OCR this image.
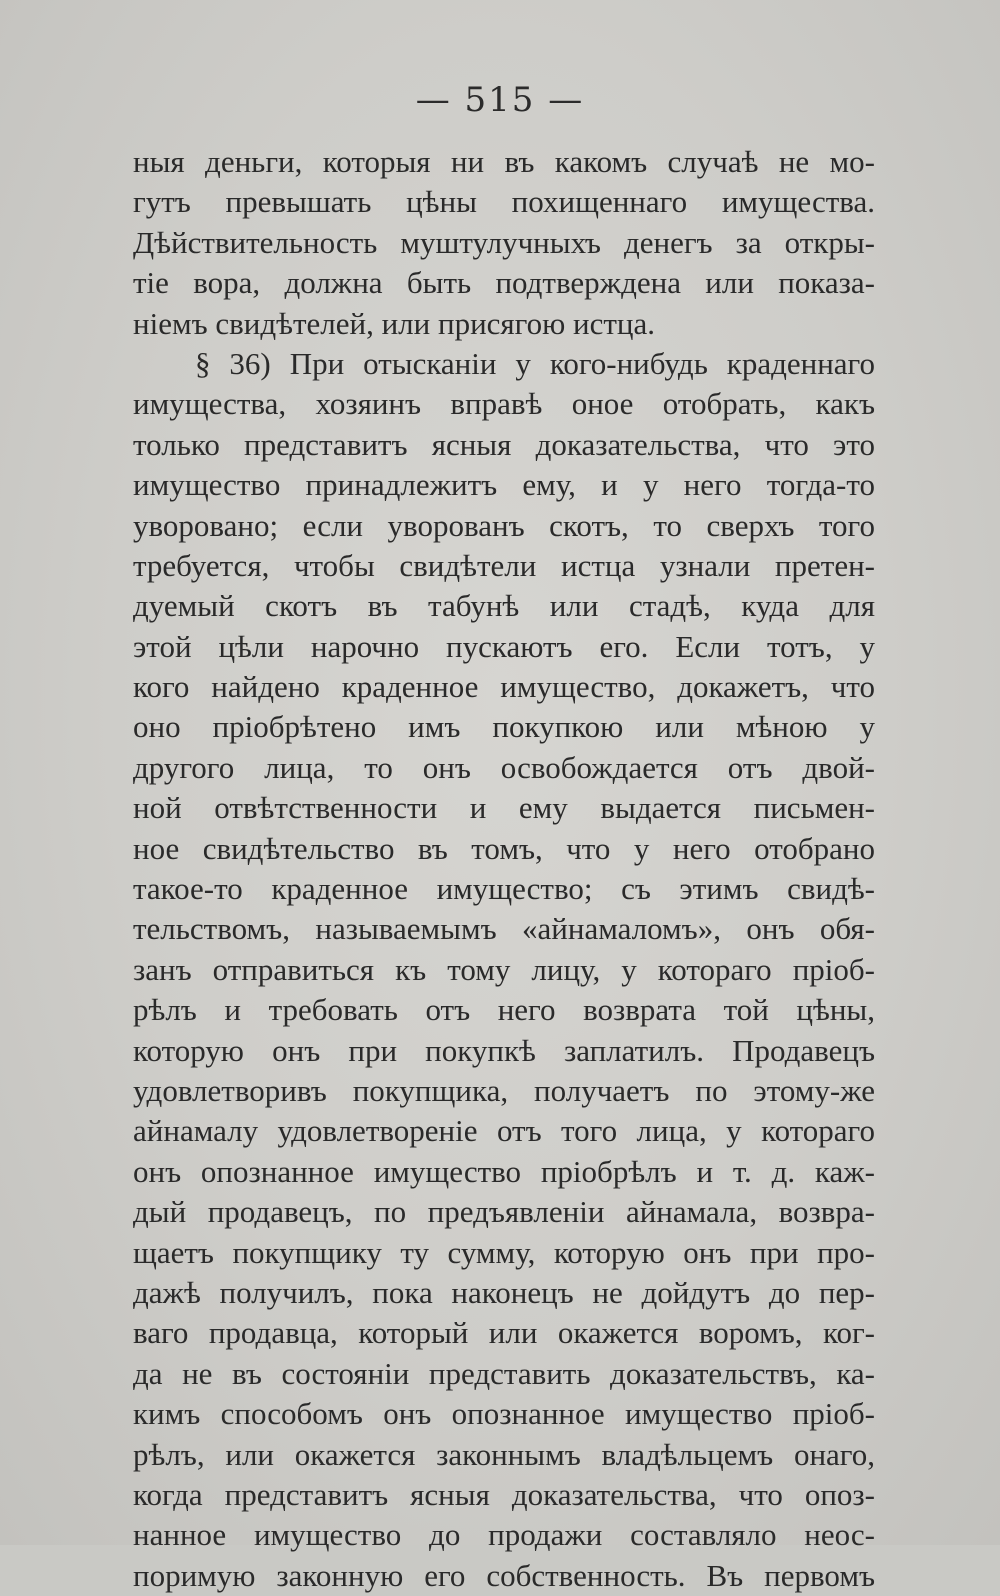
— 515 —
ныя деньги, которыя ни въ какомъ случаѣ не мо-
гутъ превышать цѣны похищеннаго имущества.
Дѣйствительность муштулучныхъ денегъ за откры-
тіе вора, должна быть подтверждена или показа-
ніемъ свидѣтелей, или присягою истца.
§ 36) При отысканіи у кого-нибудь краденнаго
имущества, хозяинъ вправѣ оное отобрать, какъ
только представитъ ясныя доказательства, что это
имущество принадлежитъ ему, и у него тогда-то
уворовано; если уворованъ скотъ, то сверхъ того
требуется, чтобы свидѣтели истца узнали претен-
дуемый скотъ въ табунѣ или стадѣ, куда для
этой цѣли нарочно пускаютъ его. Если тотъ, у
кого найдено краденное имущество, докажетъ, что
оно пріобрѣтено имъ покупкою или мѣною у
другого лица, то онъ освобождается отъ двой-
ной отвѣтственности и ему выдается письмен-
ное свидѣтельство въ томъ, что у него отобрано
такое-то краденное имущество; съ этимъ свидѣ-
тельствомъ, называемымъ «айнамаломъ», онъ обя-
занъ отправиться къ тому лицу, у котораго пріоб-
рѣлъ и требовать отъ него возврата той цѣны,
которую онъ при покупкѣ заплатилъ. Продавецъ
удовлетворивъ покупщика, получаетъ по этому-же
айнамалу удовлетвореніе отъ того лица, у котораго
онъ опознанное имущество пріобрѣлъ и т. д. каж-
дый продавецъ, по предъявленіи айнамала, возвра-
щаетъ покупщику ту сумму, которую онъ при про-
дажѣ получилъ, пока наконецъ не дойдутъ до пер-
ваго продавца, который или окажется воромъ, ког-
да не въ состояніи представить доказательствъ, ка-
кимъ способомъ онъ опознанное имущество пріоб-
рѣлъ, или окажется законнымъ владѣльцемъ онаго,
когда представитъ ясныя доказательства, что опоз-
нанное имущество до продажи составляло неос-
поримую законную его собственность. Въ первомъ
